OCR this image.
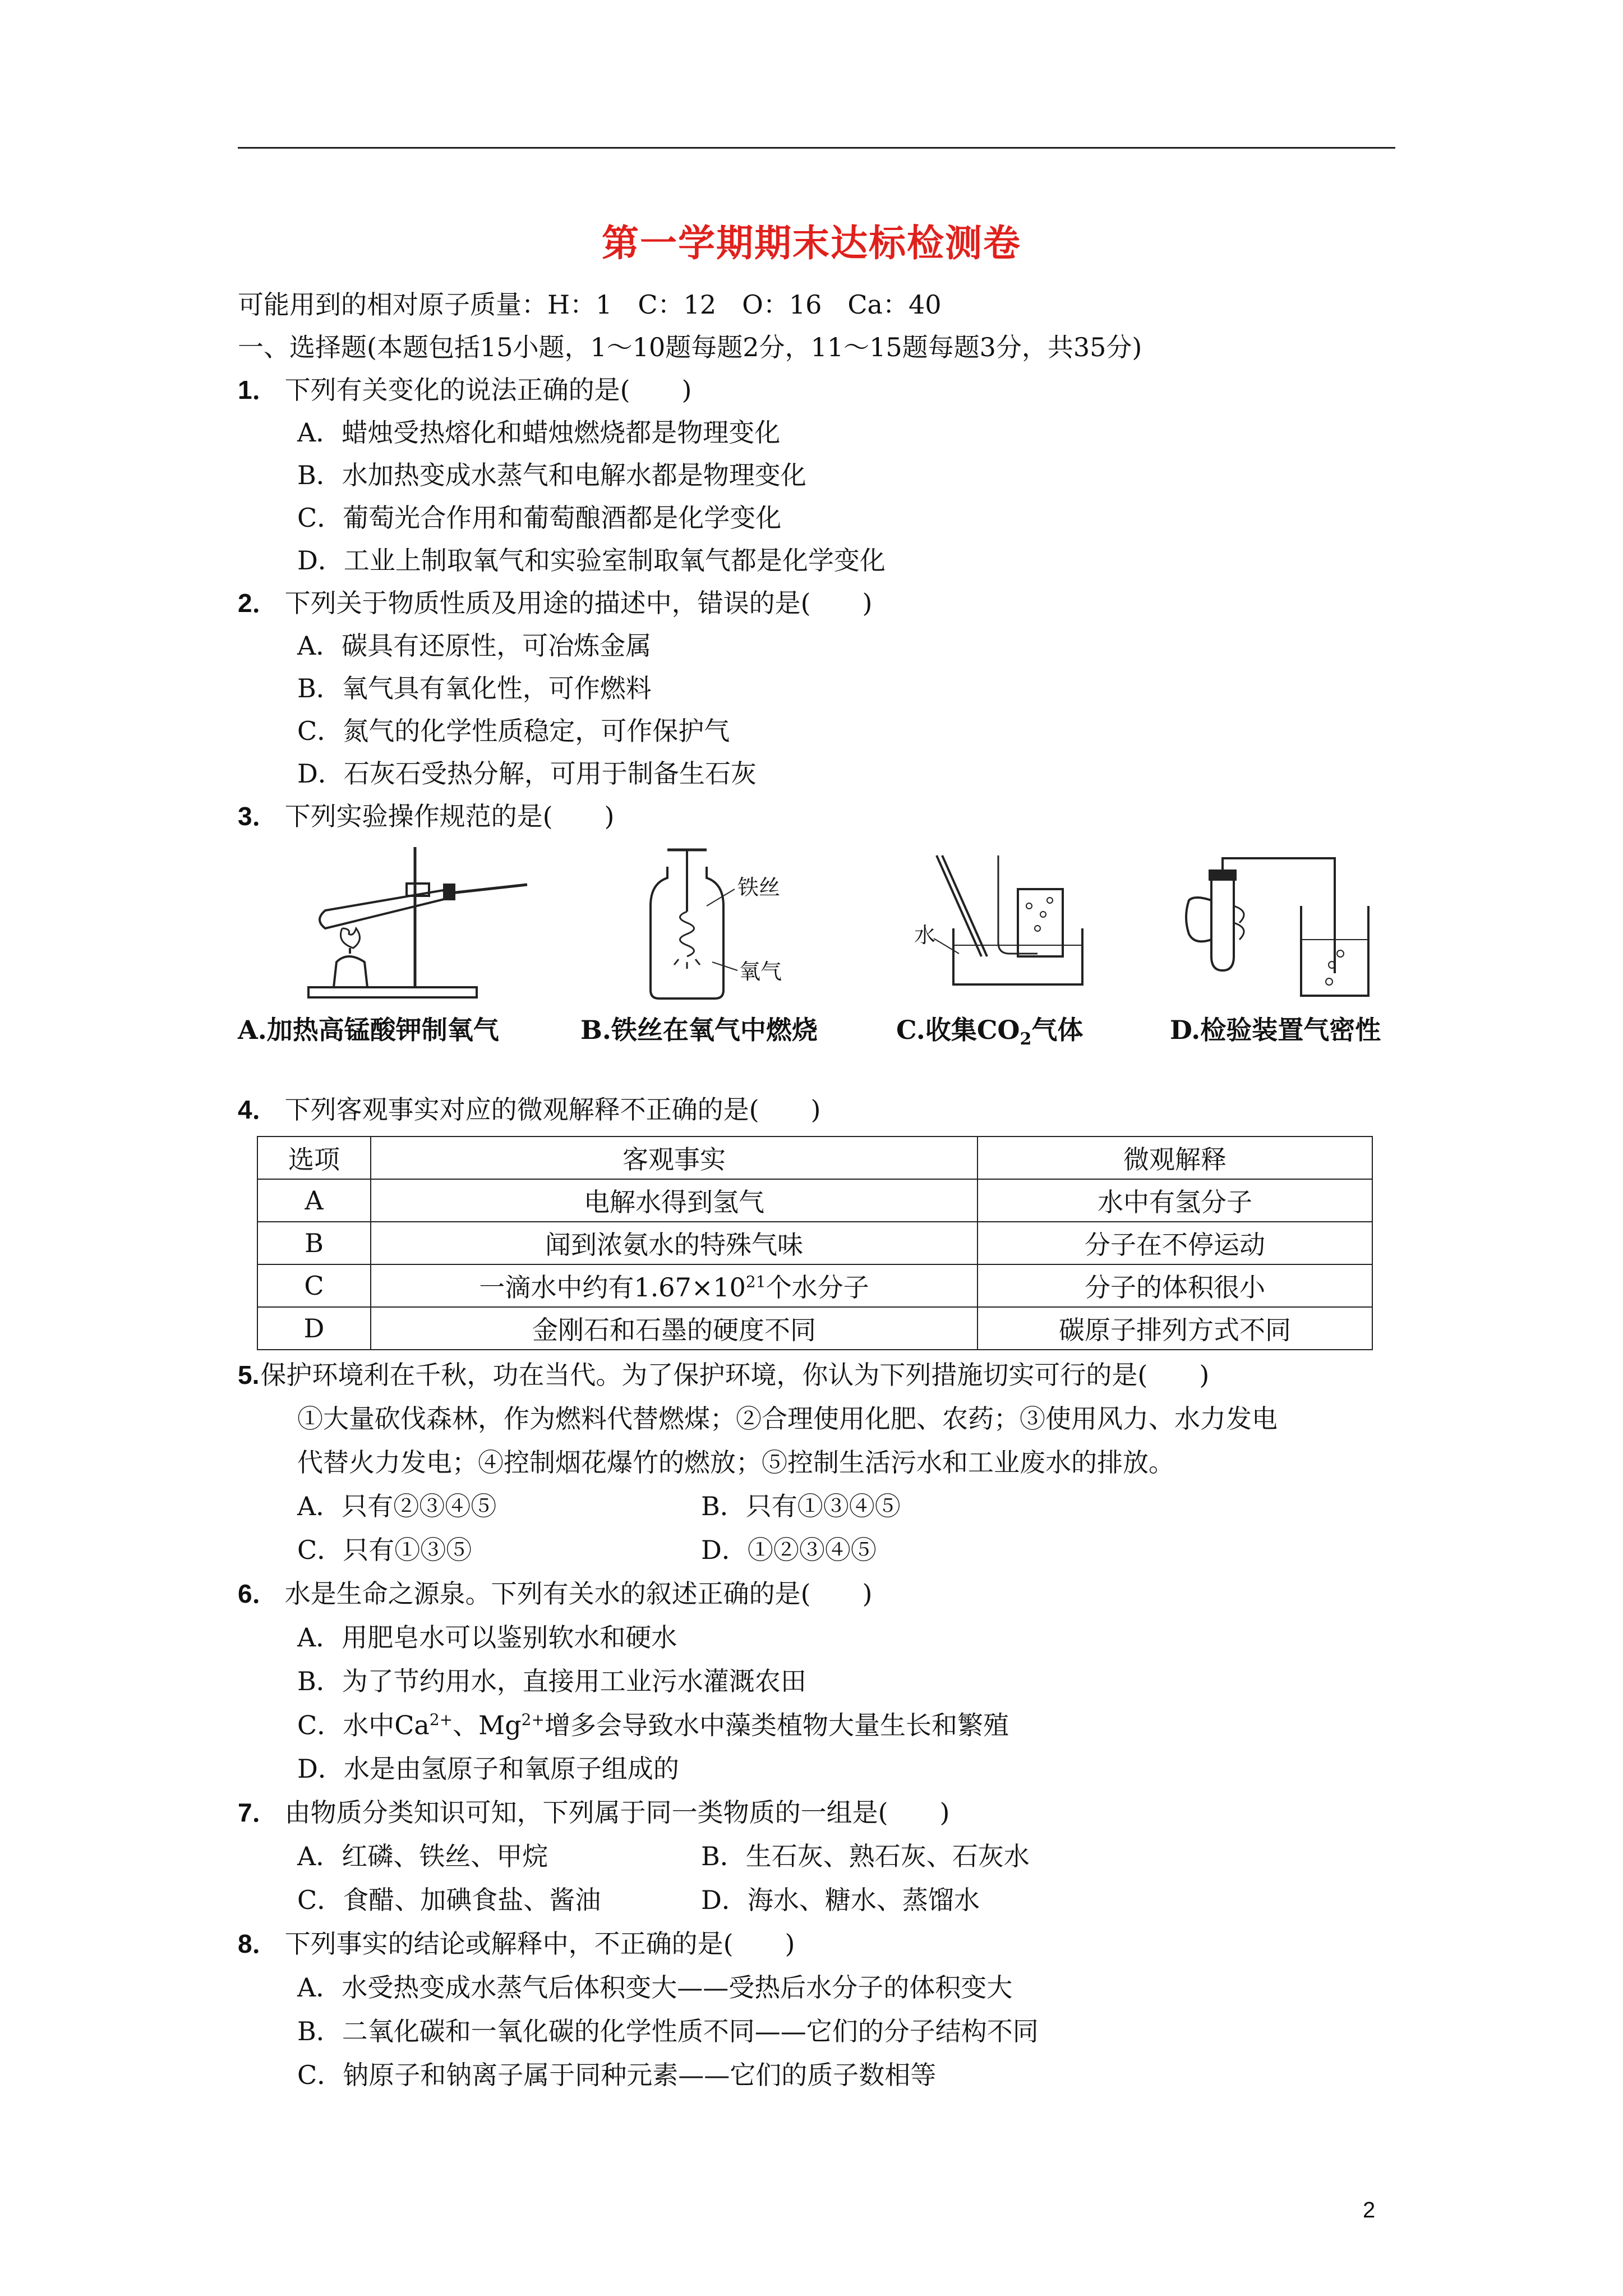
第一学期期末达标检测卷
可能用到的相对原子质量：H：1　C：12　O：16　Ca：40
一、选择题(本题包括15小题，1～10题每题2分，11～15题每题3分，共35分)
1． 下列有关变化的说法正确的是(　　)
A．蜡烛受热熔化和蜡烛燃烧都是物理变化
B．水加热变成水蒸气和电解水都是物理变化
C．葡萄光合作用和葡萄酿酒都是化学变化
D．工业上制取氧气和实验室制取氧气都是化学变化
2． 下列关于物质性质及用途的描述中，错误的是(　　)
A．碳具有还原性，可冶炼金属
B．氧气具有氧化性，可作燃料
C．氮气的化学性质稳定，可作保护气
D．石灰石受热分解，可用于制备生石灰
3． 下列实验操作规范的是(　　)
铁丝
氧气
水
A.加热高锰酸钾制氧气	B.铁丝在氧气中燃烧	C.收集$CO_2$气体	D.检验装置气密性
4． 下列客观事实对应的微观解释不正确的是(　　)
选项	客观事实	微观解释
A	电解水得到氢气	水中有氢分子
B	闻到浓氨水的特殊气味	分子在不停运动
C	一滴水中约有$1.67\times 10^{21}$个水分子	分子的体积很小
D	金刚石和石墨的硬度不同	碳原子排列方式不同
5.保护环境利在千秋，功在当代。为了保护环境，你认为下列措施切实可行的是(　　)
①大量砍伐森林，作为燃料代替燃煤；②合理使用化肥、农药；③使用风力、水力发电
代替火力发电；④控制烟花爆竹的燃放；⑤控制生活污水和工业废水的排放。
A．只有②③④⑤	B．只有①③④⑤
C．只有①③⑤	D．①②③④⑤
6． 水是生命之源泉。下列有关水的叙述正确的是(　　)
A．用肥皂水可以鉴别软水和硬水
B．为了节约用水，直接用工业污水灌溉农田
C．水中$Ca^{2+}$、$Mg^{2+}$增多会导致水中藻类植物大量生长和繁殖
D．水是由氢原子和氧原子组成的
7． 由物质分类知识可知，下列属于同一类物质的一组是(　　)
A．红磷、铁丝、甲烷	B．生石灰、熟石灰、石灰水
C．食醋、加碘食盐、酱油	D．海水、糖水、蒸馏水
8． 下列事实的结论或解释中，不正确的是(　　)
A．水受热变成水蒸气后体积变大——受热后水分子的体积变大
B．二氧化碳和一氧化碳的化学性质不同——它们的分子结构不同
C．钠原子和钠离子属于同种元素——它们的质子数相等
2
